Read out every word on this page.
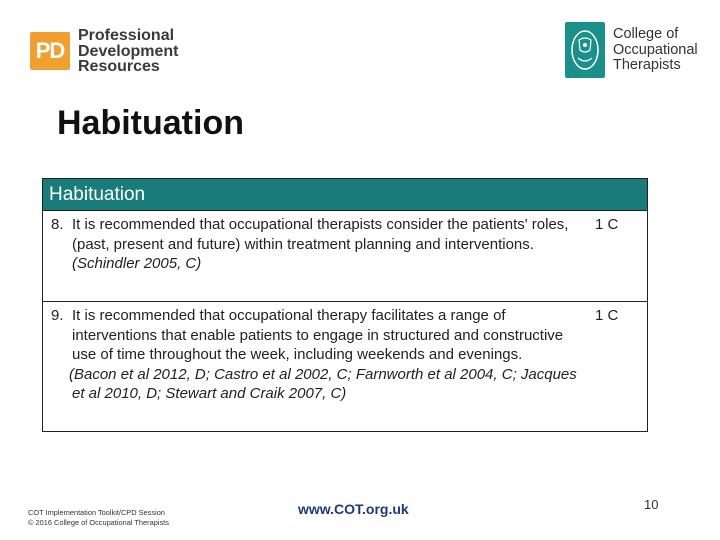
PD
Professional
Development
Resources
College of
Occupational
Therapists
Habituation
Habituation
8. It is recommended that occupational therapists consider the patients' roles, (past, present and future) within treatment planning and interventions.
(Schindler 2005, C)
1 C
9. It is recommended that occupational therapy facilitates a range of interventions that enable patients to engage in structured and constructive use of time throughout the week, including weekends and evenings.
(Bacon et al 2012, D; Castro et al 2002, C; Farnworth et al 2004, C; Jacques et al 2010, D; Stewart and Craik 2007, C)
1 C
COT Implementation Toolkit/CPD Session
© 2016 College of Occupational Therapists
www.COT.org.uk	10
